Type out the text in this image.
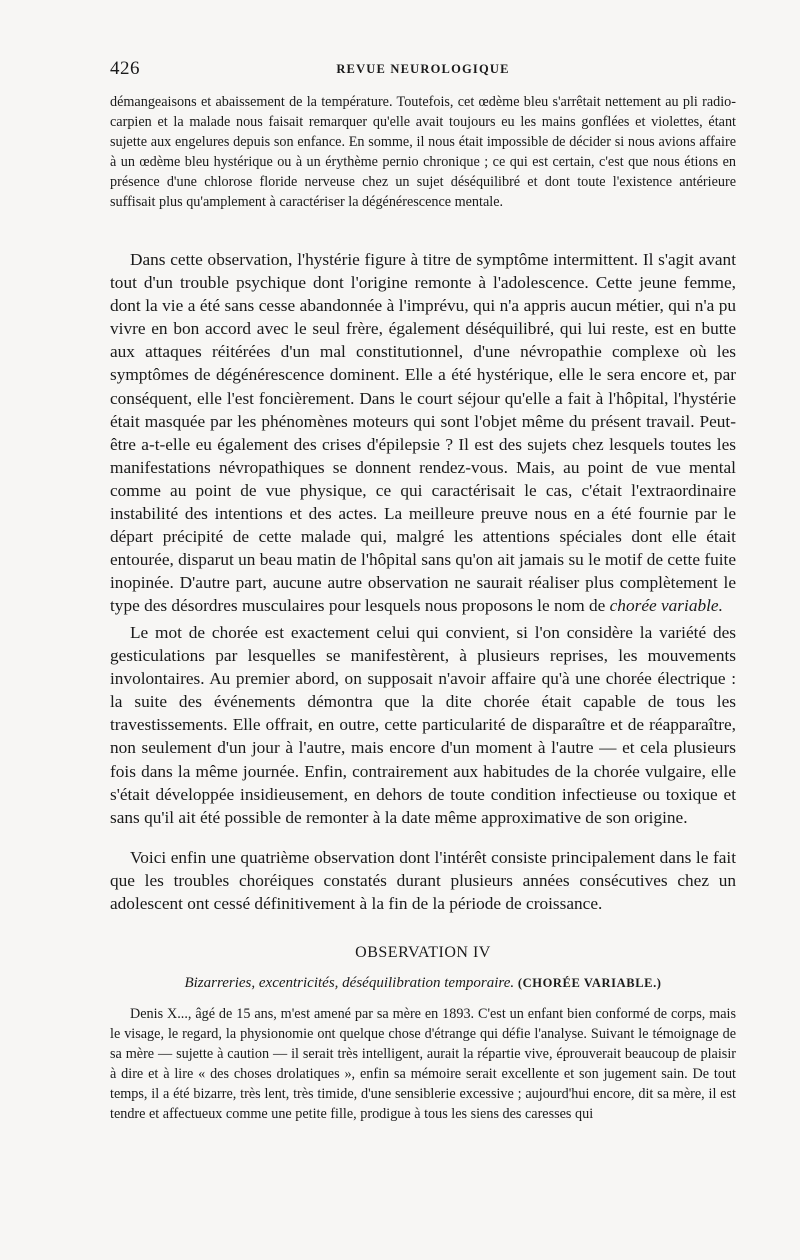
426	REVUE NEUROLOGIQUE

démangeaisons et abaissement de la température. Toutefois, cet œdème bleu s'arrêtait nettement au pli radio-carpien et la malade nous faisait remarquer qu'elle avait toujours eu les mains gonflées et violettes, étant sujette aux engelures depuis son enfance. En somme, il nous était impossible de décider si nous avions affaire à un œdème bleu hystérique ou à un érythème pernio chronique ; ce qui est certain, c'est que nous étions en présence d'une chlorose floride nerveuse chez un sujet déséquilibré et dont toute l'existence antérieure suffisait plus qu'amplement à caractériser la dégénérescence mentale.

Dans cette observation, l'hystérie figure à titre de symptôme intermittent. Il s'agit avant tout d'un trouble psychique dont l'origine remonte à l'adolescence. Cette jeune femme, dont la vie a été sans cesse abandonnée à l'imprévu, qui n'a appris aucun métier, qui n'a pu vivre en bon accord avec le seul frère, également déséquilibré, qui lui reste, est en butte aux attaques réitérées d'un mal constitutionnel, d'une névropathie complexe où les symptômes de dégénérescence dominent. Elle a été hystérique, elle le sera encore et, par conséquent, elle l'est foncièrement. Dans le court séjour qu'elle a fait à l'hôpital, l'hystérie était masquée par les phénomènes moteurs qui sont l'objet même du présent travail. Peut-être a-t-elle eu également des crises d'épilepsie ? Il est des sujets chez lesquels toutes les manifestations névropathiques se donnent rendez-vous. Mais, au point de vue mental comme au point de vue physique, ce qui caractérisait le cas, c'était l'extraordinaire instabilité des intentions et des actes. La meilleure preuve nous en a été fournie par le départ précipité de cette malade qui, malgré les attentions spéciales dont elle était entourée, disparut un beau matin de l'hôpital sans qu'on ait jamais su le motif de cette fuite inopinée. D'autre part, aucune autre observation ne saurait réaliser plus complètement le type des désordres musculaires pour lesquels nous proposons le nom de chorée variable.

Le mot de chorée est exactement celui qui convient, si l'on considère la variété des gesticulations par lesquelles se manifestèrent, à plusieurs reprises, les mouvements involontaires. Au premier abord, on supposait n'avoir affaire qu'à une chorée électrique : la suite des événements démontra que la dite chorée était capable de tous les travestissements. Elle offrait, en outre, cette particularité de disparaître et de réapparaître, non seulement d'un jour à l'autre, mais encore d'un moment à l'autre — et cela plusieurs fois dans la même journée. Enfin, contrairement aux habitudes de la chorée vulgaire, elle s'était développée insidieusement, en dehors de toute condition infectieuse ou toxique et sans qu'il ait été possible de remonter à la date même approximative de son origine.

Voici enfin une quatrième observation dont l'intérêt consiste principalement dans le fait que les troubles choréiques constatés durant plusieurs années consécutives chez un adolescent ont cessé définitivement à la fin de la période de croissance.

OBSERVATION IV
Bizarreries, excentricités, déséquilibration temporaire. (CHORÉE VARIABLE.)

Denis X..., âgé de 15 ans, m'est amené par sa mère en 1893. C'est un enfant bien conformé de corps, mais le visage, le regard, la physionomie ont quelque chose d'étrange qui défie l'analyse. Suivant le témoignage de sa mère — sujette à caution — il serait très intelligent, aurait la répartie vive, éprouverait beaucoup de plaisir à dire et à lire « des choses drolatiques », enfin sa mémoire serait excellente et son jugement sain. De tout temps, il a été bizarre, très lent, très timide, d'une sensiblerie excessive ; aujourd'hui encore, dit sa mère, il est tendre et affectueux comme une petite fille, prodigue à tous les siens des caresses qui
